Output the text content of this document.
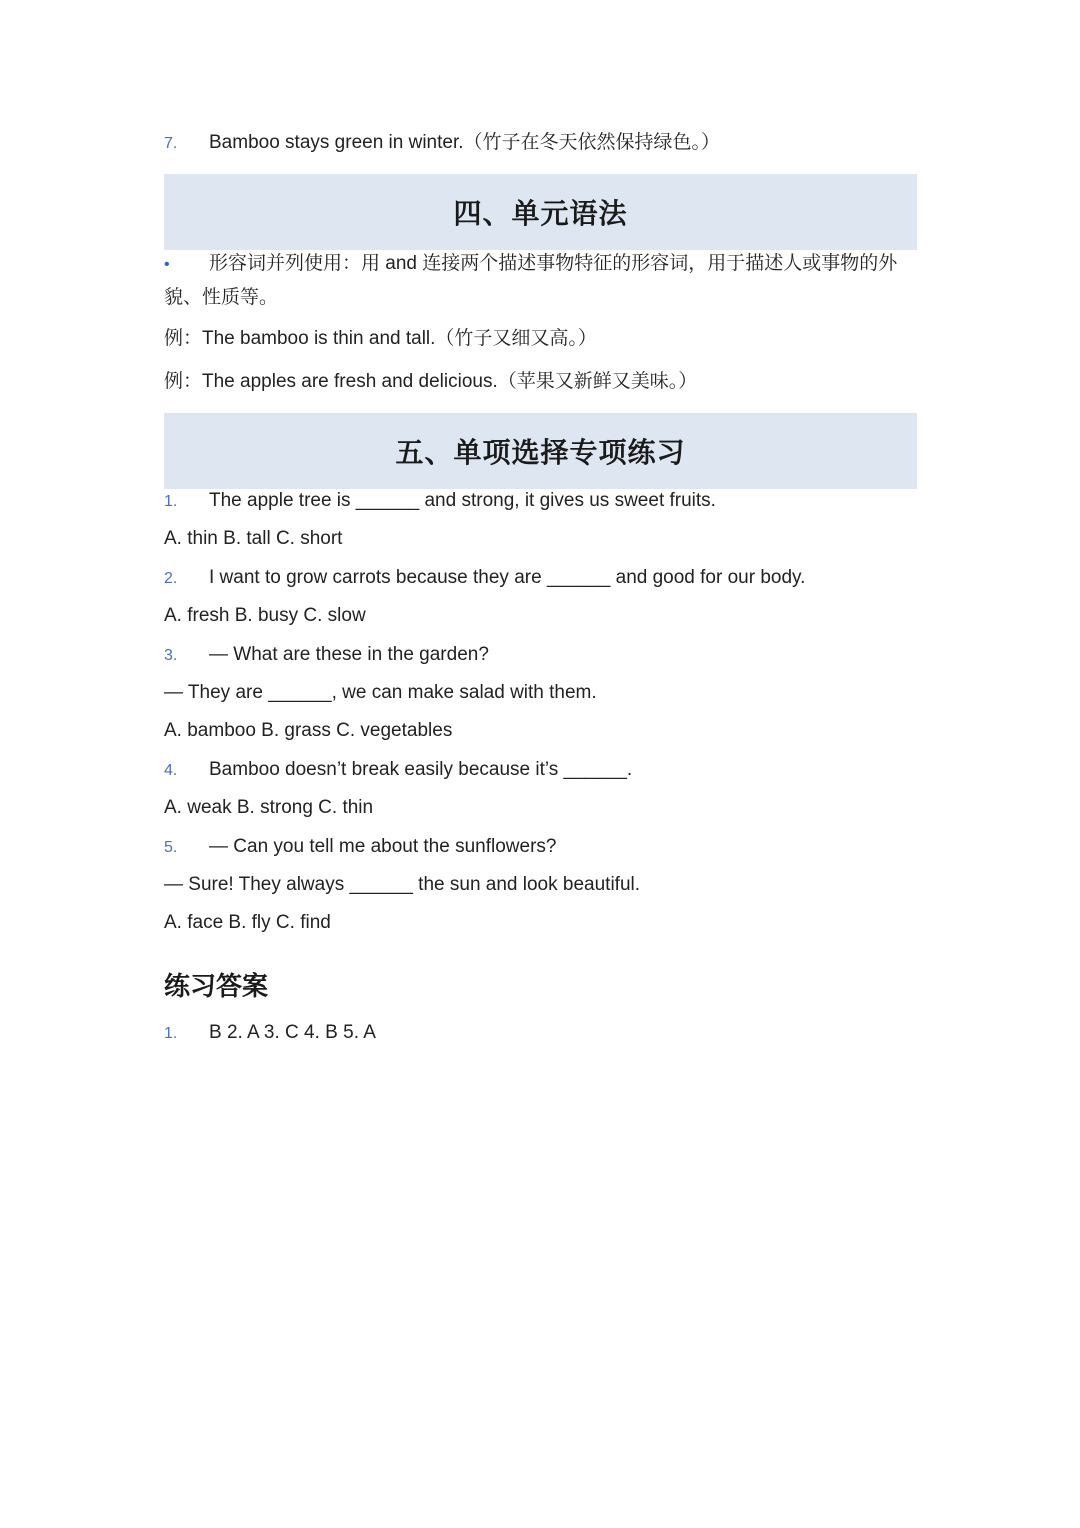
7. Bamboo stays green in winter.（竹子在冬天依然保持绿色。）
四、单元语法
• 形容词并列使用：用 and 连接两个描述事物特征的形容词，用于描述人或事物的外貌、性质等。
例：The bamboo is thin and tall.（竹子又细又高。）
例：The apples are fresh and delicious.（苹果又新鲜又美味。）
五、单项选择专项练习
1. The apple tree is ______ and strong, it gives us sweet fruits.
A. thin B. tall C. short
2. I want to grow carrots because they are ______ and good for our body.
A. fresh B. busy C. slow
3. — What are these in the garden?
— They are ______, we can make salad with them.
A. bamboo B. grass C. vegetables
4. Bamboo doesn’t break easily because it’s ______.
A. weak B. strong C. thin
5. — Can you tell me about the sunflowers?
— Sure! They always ______ the sun and look beautiful.
A. face B. fly C. find
练习答案
1. B 2. A 3. C 4. B 5. A
